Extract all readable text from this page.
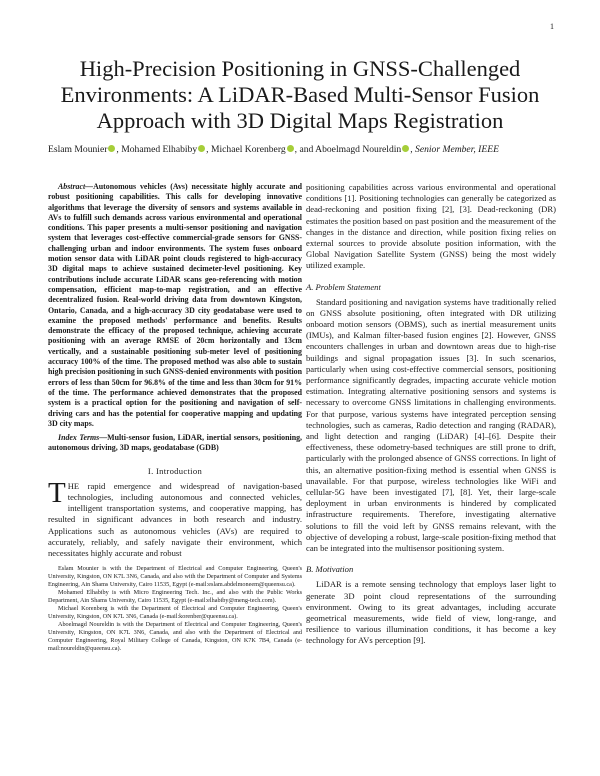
1
High-Precision Positioning in GNSS-Challenged Environments: A LiDAR-Based Multi-Sensor Fusion Approach with 3D Digital Maps Registration
Eslam Mounier , Mohamed Elhabiby , Michael Korenberg , and Aboelmagd Noureldin , Senior Member, IEEE

Abstract—Autonomous vehicles (Avs) necessitate highly accurate and robust positioning capabilities. This calls for developing innovative algorithms that leverage the diversity of sensors and systems available in AVs to fulfill such demands across various environmental and operational conditions. This paper presents a multi-sensor positioning and navigation system that leverages cost-effective commercial-grade sensors for GNSS-challenging urban and indoor environments. The system fuses onboard motion sensor data with LiDAR point clouds registered to high-accuracy 3D digital maps to achieve sustained decimeter-level positioning. Key contributions include accurate LiDAR scans geo-referencing with motion compensation, efficient map-to-map registration, and an effective decentralized fusion. Real-world driving data from downtown Kingston, Ontario, Canada, and a high-accuracy 3D city geodatabase were used to examine the proposed methods' performance and benefits. Results demonstrate the efficacy of the proposed technique, achieving accurate positioning with an average RMSE of 20cm horizontally and 13cm vertically, and a sustainable positioning sub-meter level of positioning accuracy 100% of the time. The proposed method was also able to sustain high precision positioning in such GNSS-denied environments with position errors of less than 50cm for 96.8% of the time and less than 30cm for 91% of the time. The performance achieved demonstrates that the proposed system is a practical option for the positioning and navigation of self-driving cars and has the potential for cooperative mapping and updating 3D city maps.

Index Terms—Multi-sensor fusion, LiDAR, inertial sensors, positioning, autonomous driving, 3D maps, geodatabase (GDB)

I. Introduction

THE rapid emergence and widespread of navigation-based technologies, including autonomous and connected vehicles, intelligent transportation systems, and cooperative mapping, has resulted in significant advances in both research and industry. Applications such as autonomous vehicles (AVs) are required to accurately, reliably, and safely navigate their environment, which necessitates highly accurate and robust

Eslam Mounier is with the Department of Electrical and Computer Engineering, Queen's University, Kingston, ON K7L 3N6, Canada, and also with the Department of Computer and Systems Engineering, Ain Shams University, Cairo 11535, Egypt (e-mail:eslam.abdelmoneem@queensu.ca).

Mohamed Elhabiby is with Micro Engineering Tech. Inc., and also with the Public Works Department, Ain Shams University, Cairo 11535, Egypt (e-mail:elhabiby@meng-tech.com).

Michael Korenberg is with the Department of Electrical and Computer Engineering, Queen's University, Kingston, ON K7L 3N6, Canada (e-mail:korenber@queensu.ca).

Aboelmagd Noureldin is with the Department of Electrical and Computer Engineering, Queen's University, Kingston, ON K7L 3N6, Canada, and also with the Department of Electrical and Computer Engineering, Royal Military College of Canada, Kingston, ON K7K 7B4, Canada (e-mail:noureldin@queensu.ca).

positioning capabilities across various environmental and operational conditions [1]. Positioning technologies can generally be categorized as dead-reckoning and position fixing [2], [3]. Dead-reckoning (DR) estimates the position based on past position and the measurement of the changes in the distance and direction, while position fixing relies on external sources to provide absolute position information, with the Global Navigation Satellite System (GNSS) being the most widely utilized example.

A. Problem Statement

Standard positioning and navigation systems have traditionally relied on GNSS absolute positioning, often integrated with DR utilizing onboard motion sensors (OBMS), such as inertial measurement units (IMUs), and Kalman filter-based fusion engines [2]. However, GNSS encounters challenges in urban and downtown areas due to high-rise buildings and signal propagation issues [3]. In such scenarios, particularly when using cost-effective commercial sensors, positioning performance significantly degrades, impacting accurate vehicle motion estimation. Integrating alternative positioning sensors and systems is necessary to overcome GNSS limitations in challenging environments. For that purpose, various systems have integrated perception sensing technologies, such as cameras, Radio detection and ranging (RADAR), and light detection and ranging (LiDAR) [4]–[6]. Despite their effectiveness, these odometry-based techniques are still prone to drift, particularly with the prolonged absence of GNSS corrections. In light of this, an alternative position-fixing method is essential when GNSS is unavailable. For that purpose, wireless technologies like WiFi and cellular-5G have been investigated [7], [8]. Yet, their large-scale deployment in urban environments is hindered by complicated infrastructure requirements. Therefore, investigating alternative solutions to fill the void left by GNSS remains relevant, with the objective of developing a robust, large-scale position-fixing method that can be integrated into the multisensor positioning system.

B. Motivation

LiDAR is a remote sensing technology that employs laser light to generate 3D point cloud representations of the surrounding environment. Owing to its great advantages, including accurate geometrical measurements, wide field of view, long-range, and resilience to various illumination conditions, it has become a key technology for AVs perception [9].
